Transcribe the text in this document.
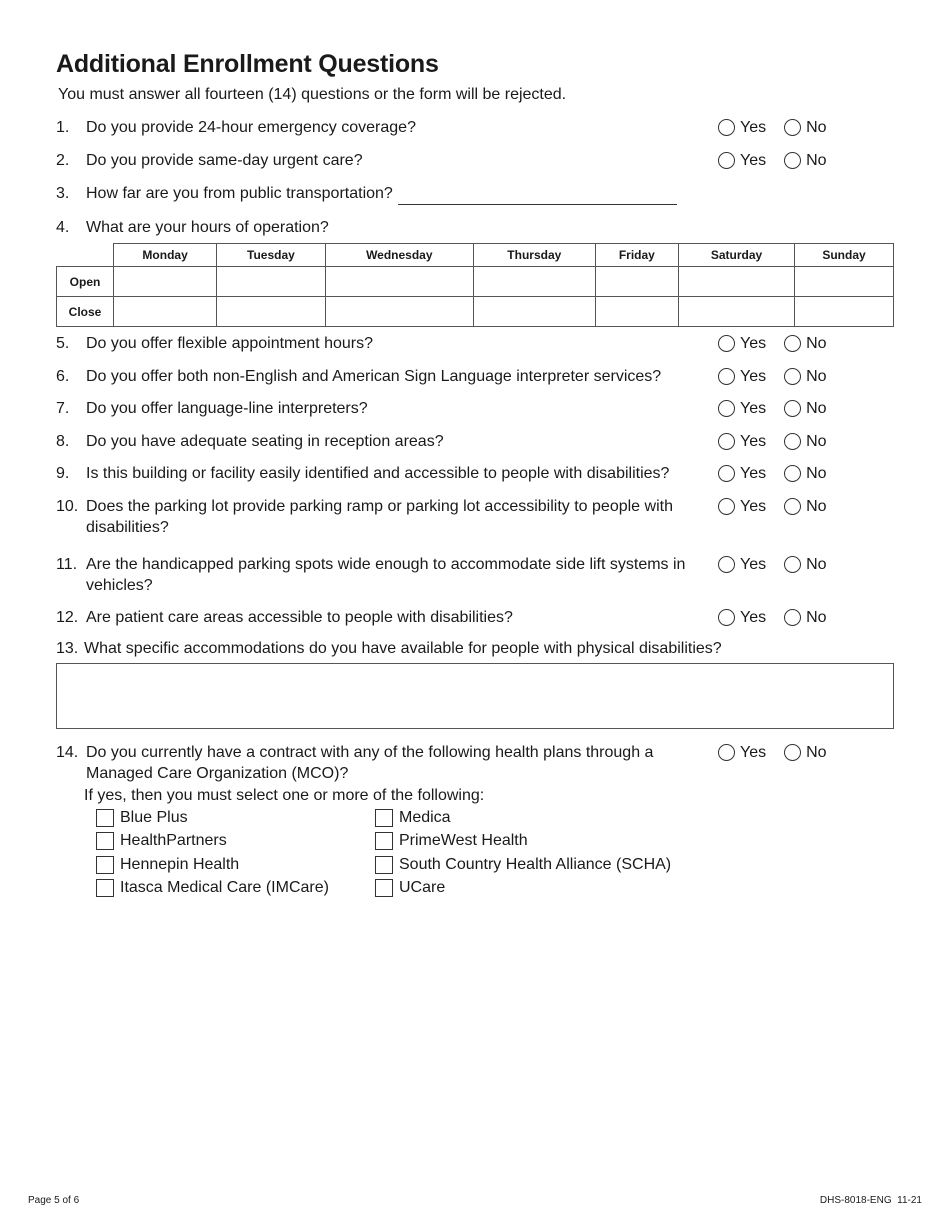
Additional Enrollment Questions
You must answer all fourteen (14) questions or the form will be rejected.
1. Do you provide 24-hour emergency coverage?	Yes	No
2. Do you provide same-day urgent care?	Yes	No
3. How far are you from public transportation?
4. What are your hours of operation?
	Monday	Tuesday	Wednesday	Thursday	Friday	Saturday	Sunday
Open							
Close							
5. Do you offer flexible appointment hours?	Yes	No
6. Do you offer both non-English and American Sign Language interpreter services?	Yes	No
7. Do you offer language-line interpreters?	Yes	No
8. Do you have adequate seating in reception areas?	Yes	No
9. Is this building or facility easily identified and accessible to people with disabilities?	Yes	No
10. Does the parking lot provide parking ramp or parking lot accessibility to people with disabilities?
Yes	No
11. Are the handicapped parking spots wide enough to accommodate side lift systems in vehicles?
Yes	No
12. Are patient care areas accessible to people with disabilities?	Yes	No
13. What specific accommodations do you have available for people with physical disabilities?
14. Do you currently have a contract with any of the following health plans through a Managed Care Organization (MCO)?
Yes	No
If yes, then you must select one or more of the following:
Blue Plus
HealthPartners
Hennepin Health
Itasca Medical Care (IMCare)
Medica
PrimeWest Health
South Country Health Alliance (SCHA)
UCare
Page 5 of 6	DHS-8018-ENG  11-21
